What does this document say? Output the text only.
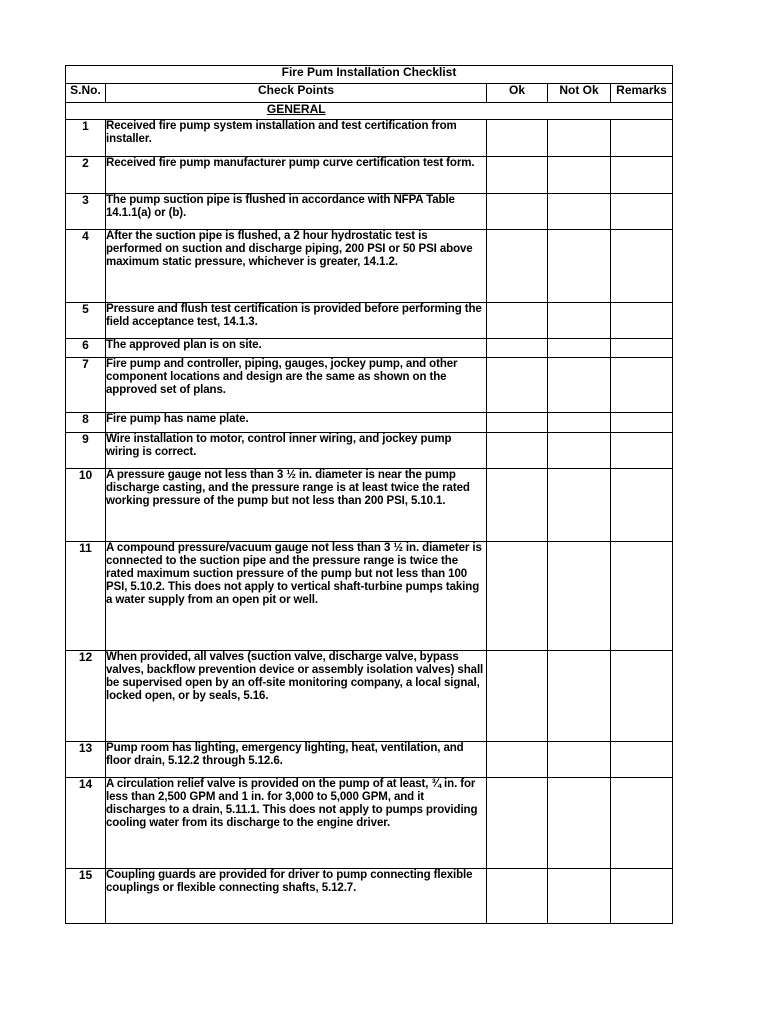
Fire Pum Installation Checklist				
S.No.	Check Points	Ok	Not Ok	Remarks
GENERAL				
1	Received fire pump system installation and test certification from installer.			
2	Received fire pump manufacturer pump curve certification test form.			
3	The pump suction pipe is flushed in accordance with NFPA Table 14.1.1(a) or (b).			
4	After the suction pipe is flushed, a 2 hour hydrostatic test is performed on suction and discharge piping, 200 PSI or 50 PSI above maximum static pressure, whichever is greater, 14.1.2.			
5	Pressure and flush test certification is provided before performing the field acceptance test, 14.1.3.			
6	The approved plan is on site.			
7	Fire pump and controller, piping, gauges, jockey pump, and other component locations and design are the same as shown on the approved set of plans.			
8	Fire pump has name plate.			
9	Wire installation to motor, control inner wiring, and jockey pump wiring is correct.			
10	A pressure gauge not less than 3 ½ in. diameter is near the pump discharge casting, and the pressure range is at least twice the rated working pressure of the pump but not less than 200 PSI, 5.10.1.			
11	A compound pressure/vacuum gauge not less than 3 ½ in. diameter is connected to the suction pipe and the pressure range is twice the rated maximum suction pressure of the pump but not less than 100 PSI, 5.10.2. This does not apply to vertical shaft-turbine pumps taking a water supply from an open pit or well.			
12	When provided, all valves (suction valve, discharge valve, bypass valves, backflow prevention device or assembly isolation valves) shall be supervised open by an off-site monitoring company, a local signal, locked open, or by seals, 5.16.			
13	Pump room has lighting, emergency lighting, heat, ventilation, and floor drain, 5.12.2 through 5.12.6.			
14	A circulation relief valve is provided on the pump of at least, ¾ in. for less than 2,500 GPM and 1 in. for 3,000 to 5,000 GPM, and it discharges to a drain, 5.11.1. This does not apply to pumps providing cooling water from its discharge to the engine driver.			
15	Coupling guards are provided for driver to pump connecting flexible couplings or flexible connecting shafts, 5.12.7.			
